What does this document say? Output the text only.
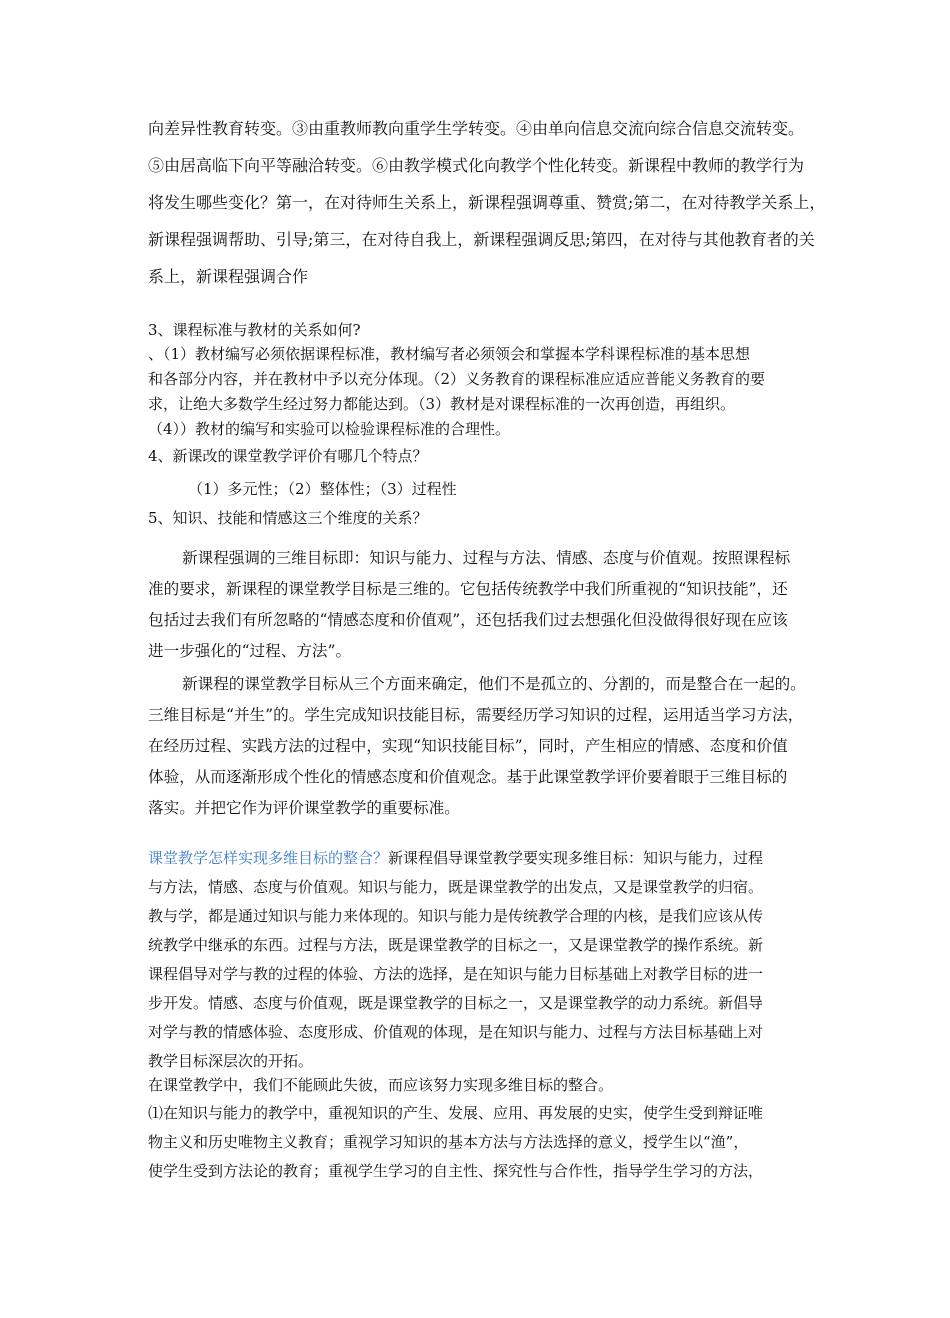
向差异性教育转变。③由重教师教向重学生学转变。④由单向信息交流向综合信息交流转变。
⑤由居高临下向平等融洽转变。⑥由教学模式化向教学个性化转变。新课程中教师的教学行为
将发生哪些变化？第一，在对待师生关系上，新课程强调尊重、赞赏;第二，在对待教学关系上，
新课程强调帮助、引导;第三，在对待自我上，新课程强调反思;第四，在对待与其他教育者的关
系上，新课程强调合作
3、课程标准与教材的关系如何?
、（1）教材编写必须依据课程标准，教材编写者必须领会和掌握本学科课程标准的基本思想
和各部分内容，并在教材中予以充分体现。（2）义务教育的课程标准应适应普能义务教育的要
求，让绝大多数学生经过努力都能达到。（3）教材是对课程标准的一次再创造，再组织。
（4））教材的编写和实验可以检验课程标准的合理性。
4、新课改的课堂教学评价有哪几个特点？
（1）多元性；（2）整体性；（3）过程性
5、知识、技能和情感这三个维度的关系？
新课程强调的三维目标即：知识与能力、过程与方法、情感、态度与价值观。按照课程标
准的要求，新课程的课堂教学目标是三维的。它包括传统教学中我们所重视的“知识技能”，还
包括过去我们有所忽略的“情感态度和价值观”，还包括我们过去想强化但没做得很好现在应该
进一步强化的“过程、方法”。
新课程的课堂教学目标从三个方面来确定，他们不是孤立的、分割的，而是整合在一起的。
三维目标是“并生”的。学生完成知识技能目标，需要经历学习知识的过程，运用适当学习方法，
在经历过程、实践方法的过程中，实现“知识技能目标”，同时，产生相应的情感、态度和价值
体验，从而逐渐形成个性化的情感态度和价值观念。基于此课堂教学评价要着眼于三维目标的
落实。并把它作为评价课堂教学的重要标准。
课堂教学怎样实现多维目标的整合？新课程倡导课堂教学要实现多维目标：知识与能力，过程
与方法，情感、态度与价值观。知识与能力，既是课堂教学的出发点，又是课堂教学的归宿。
教与学，都是通过知识与能力来体现的。知识与能力是传统教学合理的内核，是我们应该从传
统教学中继承的东西。过程与方法，既是课堂教学的目标之一，又是课堂教学的操作系统。新
课程倡导对学与教的过程的体验、方法的选择，是在知识与能力目标基础上对教学目标的进一
步开发。情感、态度与价值观，既是课堂教学的目标之一，又是课堂教学的动力系统。新倡导
对学与教的情感体验、态度形成、价值观的体现，是在知识与能力、过程与方法目标基础上对
教学目标深层次的开拓。
在课堂教学中，我们不能顾此失彼，而应该努力实现多维目标的整合。
⑴在知识与能力的教学中，重视知识的产生、发展、应用、再发展的史实，使学生受到辩证唯
物主义和历史唯物主义教育；重视学习知识的基本方法与方法选择的意义，授学生以“渔”，
使学生受到方法论的教育；重视学生学习的自主性、探究性与合作性，指导学生学习的方法，
